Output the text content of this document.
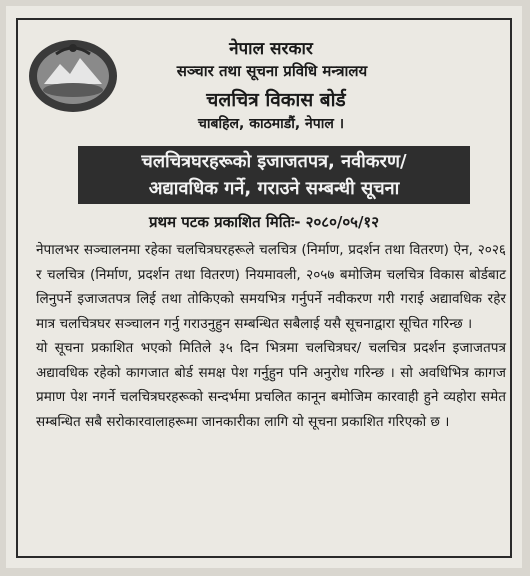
नेपाल सरकार
सञ्चार तथा सूचना प्रविधि मन्त्रालय
चलचित्र विकास बोर्ड
चाबहिल, काठमाडौं, नेपाल ।
चलचित्रघरहरूको इजाजतपत्र, नवीकरण/
अद्यावधिक गर्ने, गराउने सम्बन्धी सूचना
प्रथम पटक प्रकाशित मितिः- २०८०/०५/१२

नेपालभर सञ्चालनमा रहेका चलचित्रघरहरूले चलचित्र (निर्माण, प्रदर्शन तथा वितरण) ऐन, २०२६ र चलचित्र (निर्माण, प्रदर्शन तथा वितरण) नियमावली, २०५७ बमोजिम चलचित्र विकास बोर्डबाट लिनुपर्ने इजाजतपत्र लिई तथा तोकिएको समयभित्र गर्नुपर्ने नवीकरण गरी गराई अद्यावधिक रहेर मात्र चलचित्रघर सञ्चालन गर्नु गराउनुहुन सम्बन्धित सबैलाई यसै सूचनाद्वारा सूचित गरिन्छ ।

यो सूचना प्रकाशित भएको मितिले ३५ दिन भित्रमा चलचित्रघर/ चलचित्र प्रदर्शन इजाजतपत्र अद्यावधिक रहेको कागजात बोर्ड समक्ष पेश गर्नुहुन पनि अनुरोध गरिन्छ । सो अवधिभित्र कागज प्रमाण पेश नगर्ने चलचित्रघरहरूको सन्दर्भमा प्रचलित कानून बमोजिम कारवाही हुने व्यहोरा समेत सम्बन्धित सबै सरोकारवालाहरूमा जानकारीका लागि यो सूचना प्रकाशित गरिएको छ ।
